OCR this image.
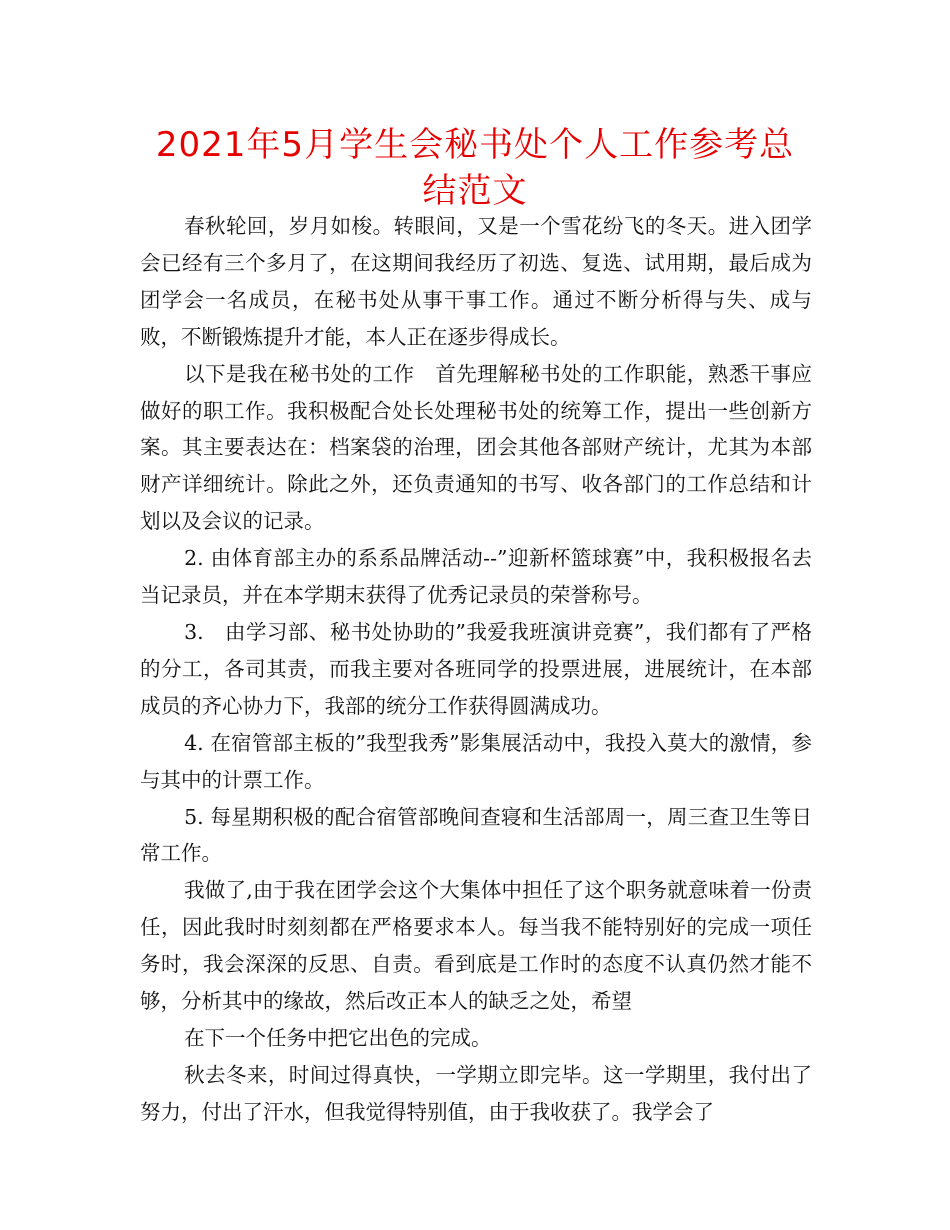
2021年5月学生会秘书处个人工作参考总结范文

春秋轮回，岁月如梭。转眼间，又是一个雪花纷飞的冬天。进入团学会已经有三个多月了，在这期间我经历了初选、复选、试用期，最后成为团学会一名成员，在秘书处从事干事工作。通过不断分析得与失、成与败，不断锻炼提升才能，本人正在逐步得成长。

以下是我在秘书处的工作　首先理解秘书处的工作职能，熟悉干事应做好的职工作。我积极配合处长处理秘书处的统筹工作，提出一些创新方案。其主要表达在：档案袋的治理，团会其他各部财产统计，尤其为本部财产详细统计。除此之外，还负责通知的书写、收各部门的工作总结和计划以及会议的记录。

2. 由体育部主办的系系品牌活动--”迎新杯篮球赛”中，我积极报名去当记录员，并在本学期末获得了优秀记录员的荣誉称号。

3.　由学习部、秘书处协助的”我爱我班演讲竞赛”，我们都有了严格的分工，各司其责，而我主要对各班同学的投票进展，进展统计，在本部成员的齐心协力下，我部的统分工作获得圆满成功。

4. 在宿管部主板的”我型我秀”影集展活动中，我投入莫大的激情，参与其中的计票工作。

5. 每星期积极的配合宿管部晚间查寝和生活部周一，周三查卫生等日常工作。

我做了,由于我在团学会这个大集体中担任了这个职务就意味着一份责任，因此我时时刻刻都在严格要求本人。每当我不能特别好的完成一项任务时，我会深深的反思、自责。看到底是工作时的态度不认真仍然才能不够，分析其中的缘故，然后改正本人的缺乏之处，希望

在下一个任务中把它出色的完成。

秋去冬来，时间过得真快，一学期立即完毕。这一学期里，我付出了努力，付出了汗水，但我觉得特别值，由于我收获了。我学会了
